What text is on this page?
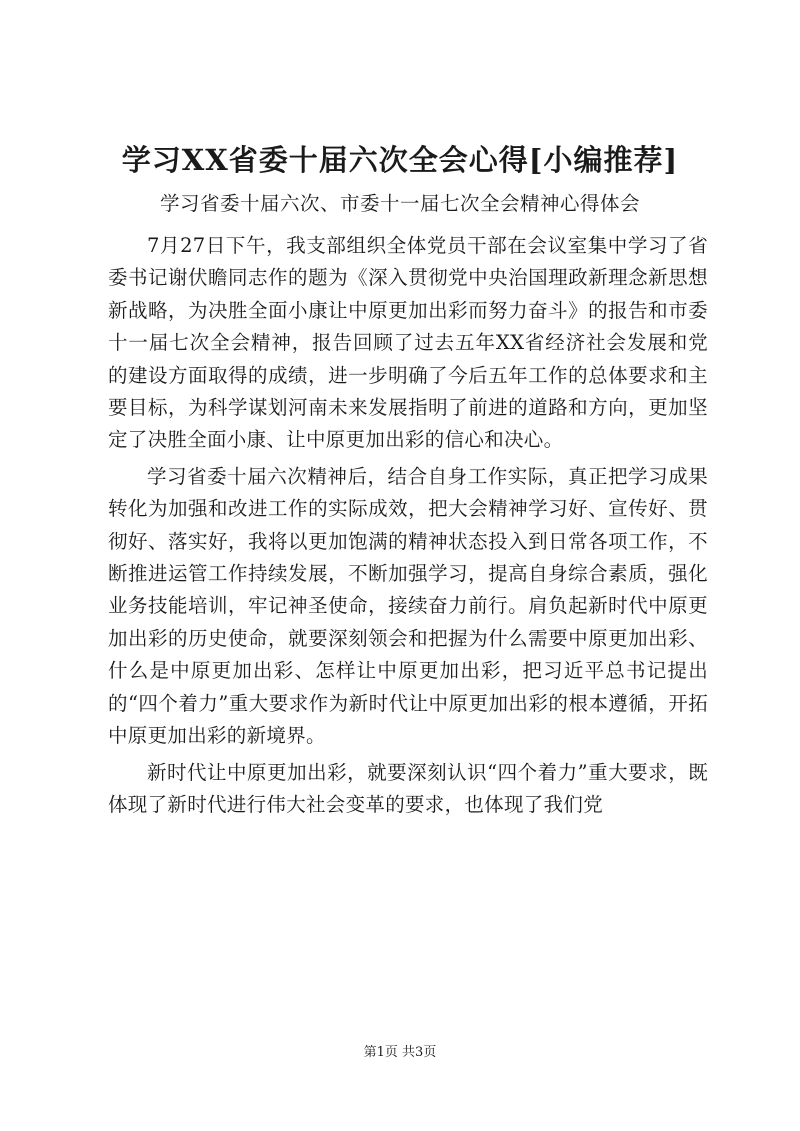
学习XX省委十届六次全会心得[小编推荐]
学习省委十届六次、市委十一届七次全会精神心得体会

7月27日下午，我支部组织全体党员干部在会议室集中学习了省委书记谢伏瞻同志作的题为《深入贯彻党中央治国理政新理念新思想新战略，为决胜全面小康让中原更加出彩而努力奋斗》的报告和市委十一届七次全会精神，报告回顾了过去五年XX省经济社会发展和党的建设方面取得的成绩，进一步明确了今后五年工作的总体要求和主要目标，为科学谋划河南未来发展指明了前进的道路和方向，更加坚定了决胜全面小康、让中原更加出彩的信心和决心。

学习省委十届六次精神后，结合自身工作实际，真正把学习成果转化为加强和改进工作的实际成效，把大会精神学习好、宣传好、贯彻好、落实好，我将以更加饱满的精神状态投入到日常各项工作，不断推进运管工作持续发展，不断加强学习，提高自身综合素质，强化业务技能培训，牢记神圣使命，接续奋力前行。肩负起新时代中原更加出彩的历史使命，就要深刻领会和把握为什么需要中原更加出彩、什么是中原更加出彩、怎样让中原更加出彩，把习近平总书记提出的“四个着力”重大要求作为新时代让中原更加出彩的根本遵循，开拓中原更加出彩的新境界。

新时代让中原更加出彩，就要深刻认识“四个着力”重大要求，既体现了新时代进行伟大社会变革的要求，也体现了我们党

第1页 共3页
